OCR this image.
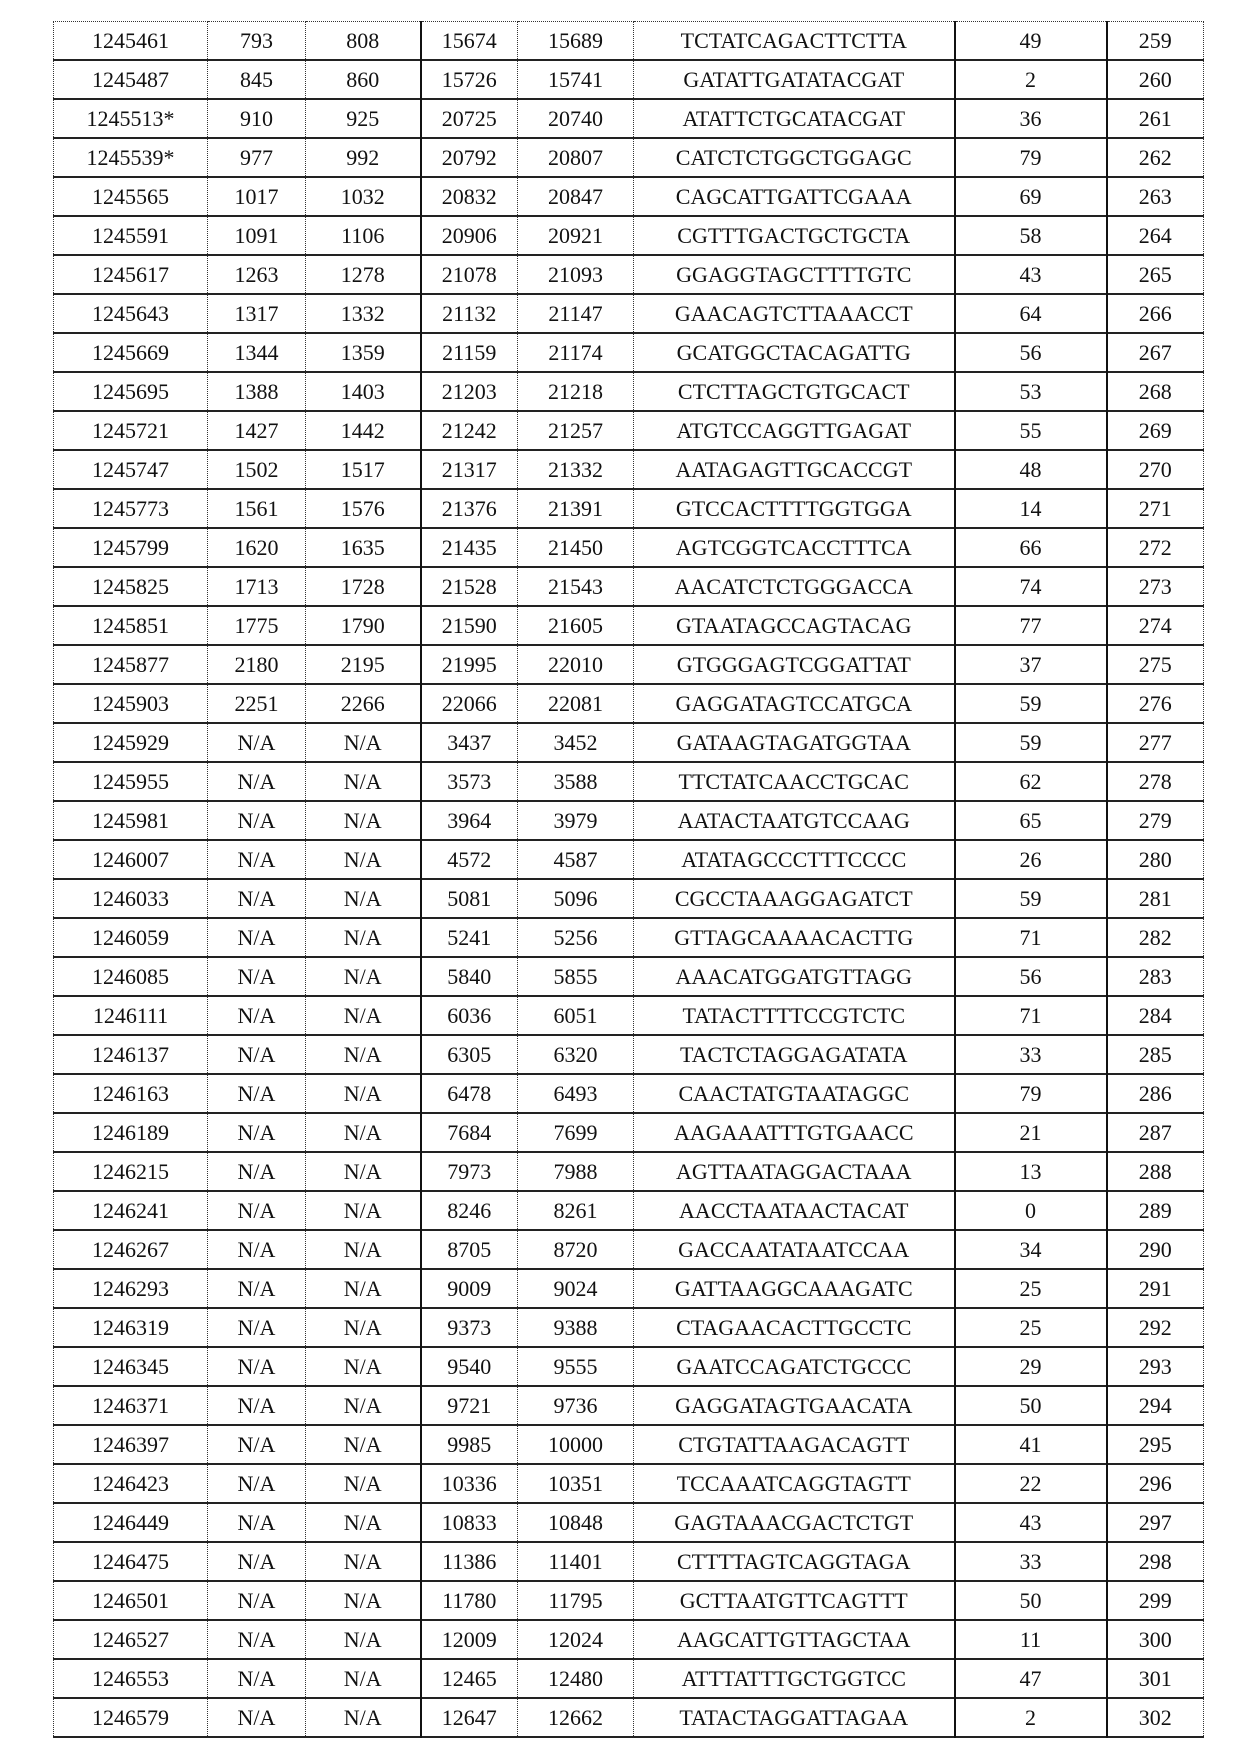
1245461	793	808	15674	15689	TCTATCAGACTTCTTA	49	259
1245487	845	860	15726	15741	GATATTGATATACGAT	2	260
1245513*	910	925	20725	20740	ATATTCTGCATACGAT	36	261
1245539*	977	992	20792	20807	CATCTCTGGCTGGAGC	79	262
1245565	1017	1032	20832	20847	CAGCATTGATTCGAAA	69	263
1245591	1091	1106	20906	20921	CGTTTGACTGCTGCTA	58	264
1245617	1263	1278	21078	21093	GGAGGTAGCTTTTGTC	43	265
1245643	1317	1332	21132	21147	GAACAGTCTTAAACCT	64	266
1245669	1344	1359	21159	21174	GCATGGCTACAGATTG	56	267
1245695	1388	1403	21203	21218	CTCTTAGCTGTGCACT	53	268
1245721	1427	1442	21242	21257	ATGTCCAGGTTGAGAT	55	269
1245747	1502	1517	21317	21332	AATAGAGTTGCACCGT	48	270
1245773	1561	1576	21376	21391	GTCCACTTTTGGTGGA	14	271
1245799	1620	1635	21435	21450	AGTCGGTCACCTTTCA	66	272
1245825	1713	1728	21528	21543	AACATCTCTGGGACCA	74	273
1245851	1775	1790	21590	21605	GTAATAGCCAGTACAG	77	274
1245877	2180	2195	21995	22010	GTGGGAGTCGGATTAT	37	275
1245903	2251	2266	22066	22081	GAGGATAGTCCATGCA	59	276
1245929	N/A	N/A	3437	3452	GATAAGTAGATGGTAA	59	277
1245955	N/A	N/A	3573	3588	TTCTATCAACCTGCAC	62	278
1245981	N/A	N/A	3964	3979	AATACTAATGTCCAAG	65	279
1246007	N/A	N/A	4572	4587	ATATAGCCCTTTCCCC	26	280
1246033	N/A	N/A	5081	5096	CGCCTAAAGGAGATCT	59	281
1246059	N/A	N/A	5241	5256	GTTAGCAAAACACTTG	71	282
1246085	N/A	N/A	5840	5855	AAACATGGATGTTAGG	56	283
1246111	N/A	N/A	6036	6051	TATACTTTTCCGTCTC	71	284
1246137	N/A	N/A	6305	6320	TACTCTAGGAGATATA	33	285
1246163	N/A	N/A	6478	6493	CAACTATGTAATAGGC	79	286
1246189	N/A	N/A	7684	7699	AAGAAATTTGTGAACC	21	287
1246215	N/A	N/A	7973	7988	AGTTAATAGGACTAAA	13	288
1246241	N/A	N/A	8246	8261	AACCTAATAACTACAT	0	289
1246267	N/A	N/A	8705	8720	GACCAATATAATCCAA	34	290
1246293	N/A	N/A	9009	9024	GATTAAGGCAAAGATC	25	291
1246319	N/A	N/A	9373	9388	CTAGAACACTTGCCTC	25	292
1246345	N/A	N/A	9540	9555	GAATCCAGATCTGCCC	29	293
1246371	N/A	N/A	9721	9736	GAGGATAGTGAACATA	50	294
1246397	N/A	N/A	9985	10000	CTGTATTAAGACAGTT	41	295
1246423	N/A	N/A	10336	10351	TCCAAATCAGGTAGTT	22	296
1246449	N/A	N/A	10833	10848	GAGTAAACGACTCTGT	43	297
1246475	N/A	N/A	11386	11401	CTTTTAGTCAGGTAGA	33	298
1246501	N/A	N/A	11780	11795	GCTTAATGTTCAGTTT	50	299
1246527	N/A	N/A	12009	12024	AAGCATTGTTAGCTAA	11	300
1246553	N/A	N/A	12465	12480	ATTTATTTGCTGGTCC	47	301
1246579	N/A	N/A	12647	12662	TATACTAGGATTAGAA	2	302
